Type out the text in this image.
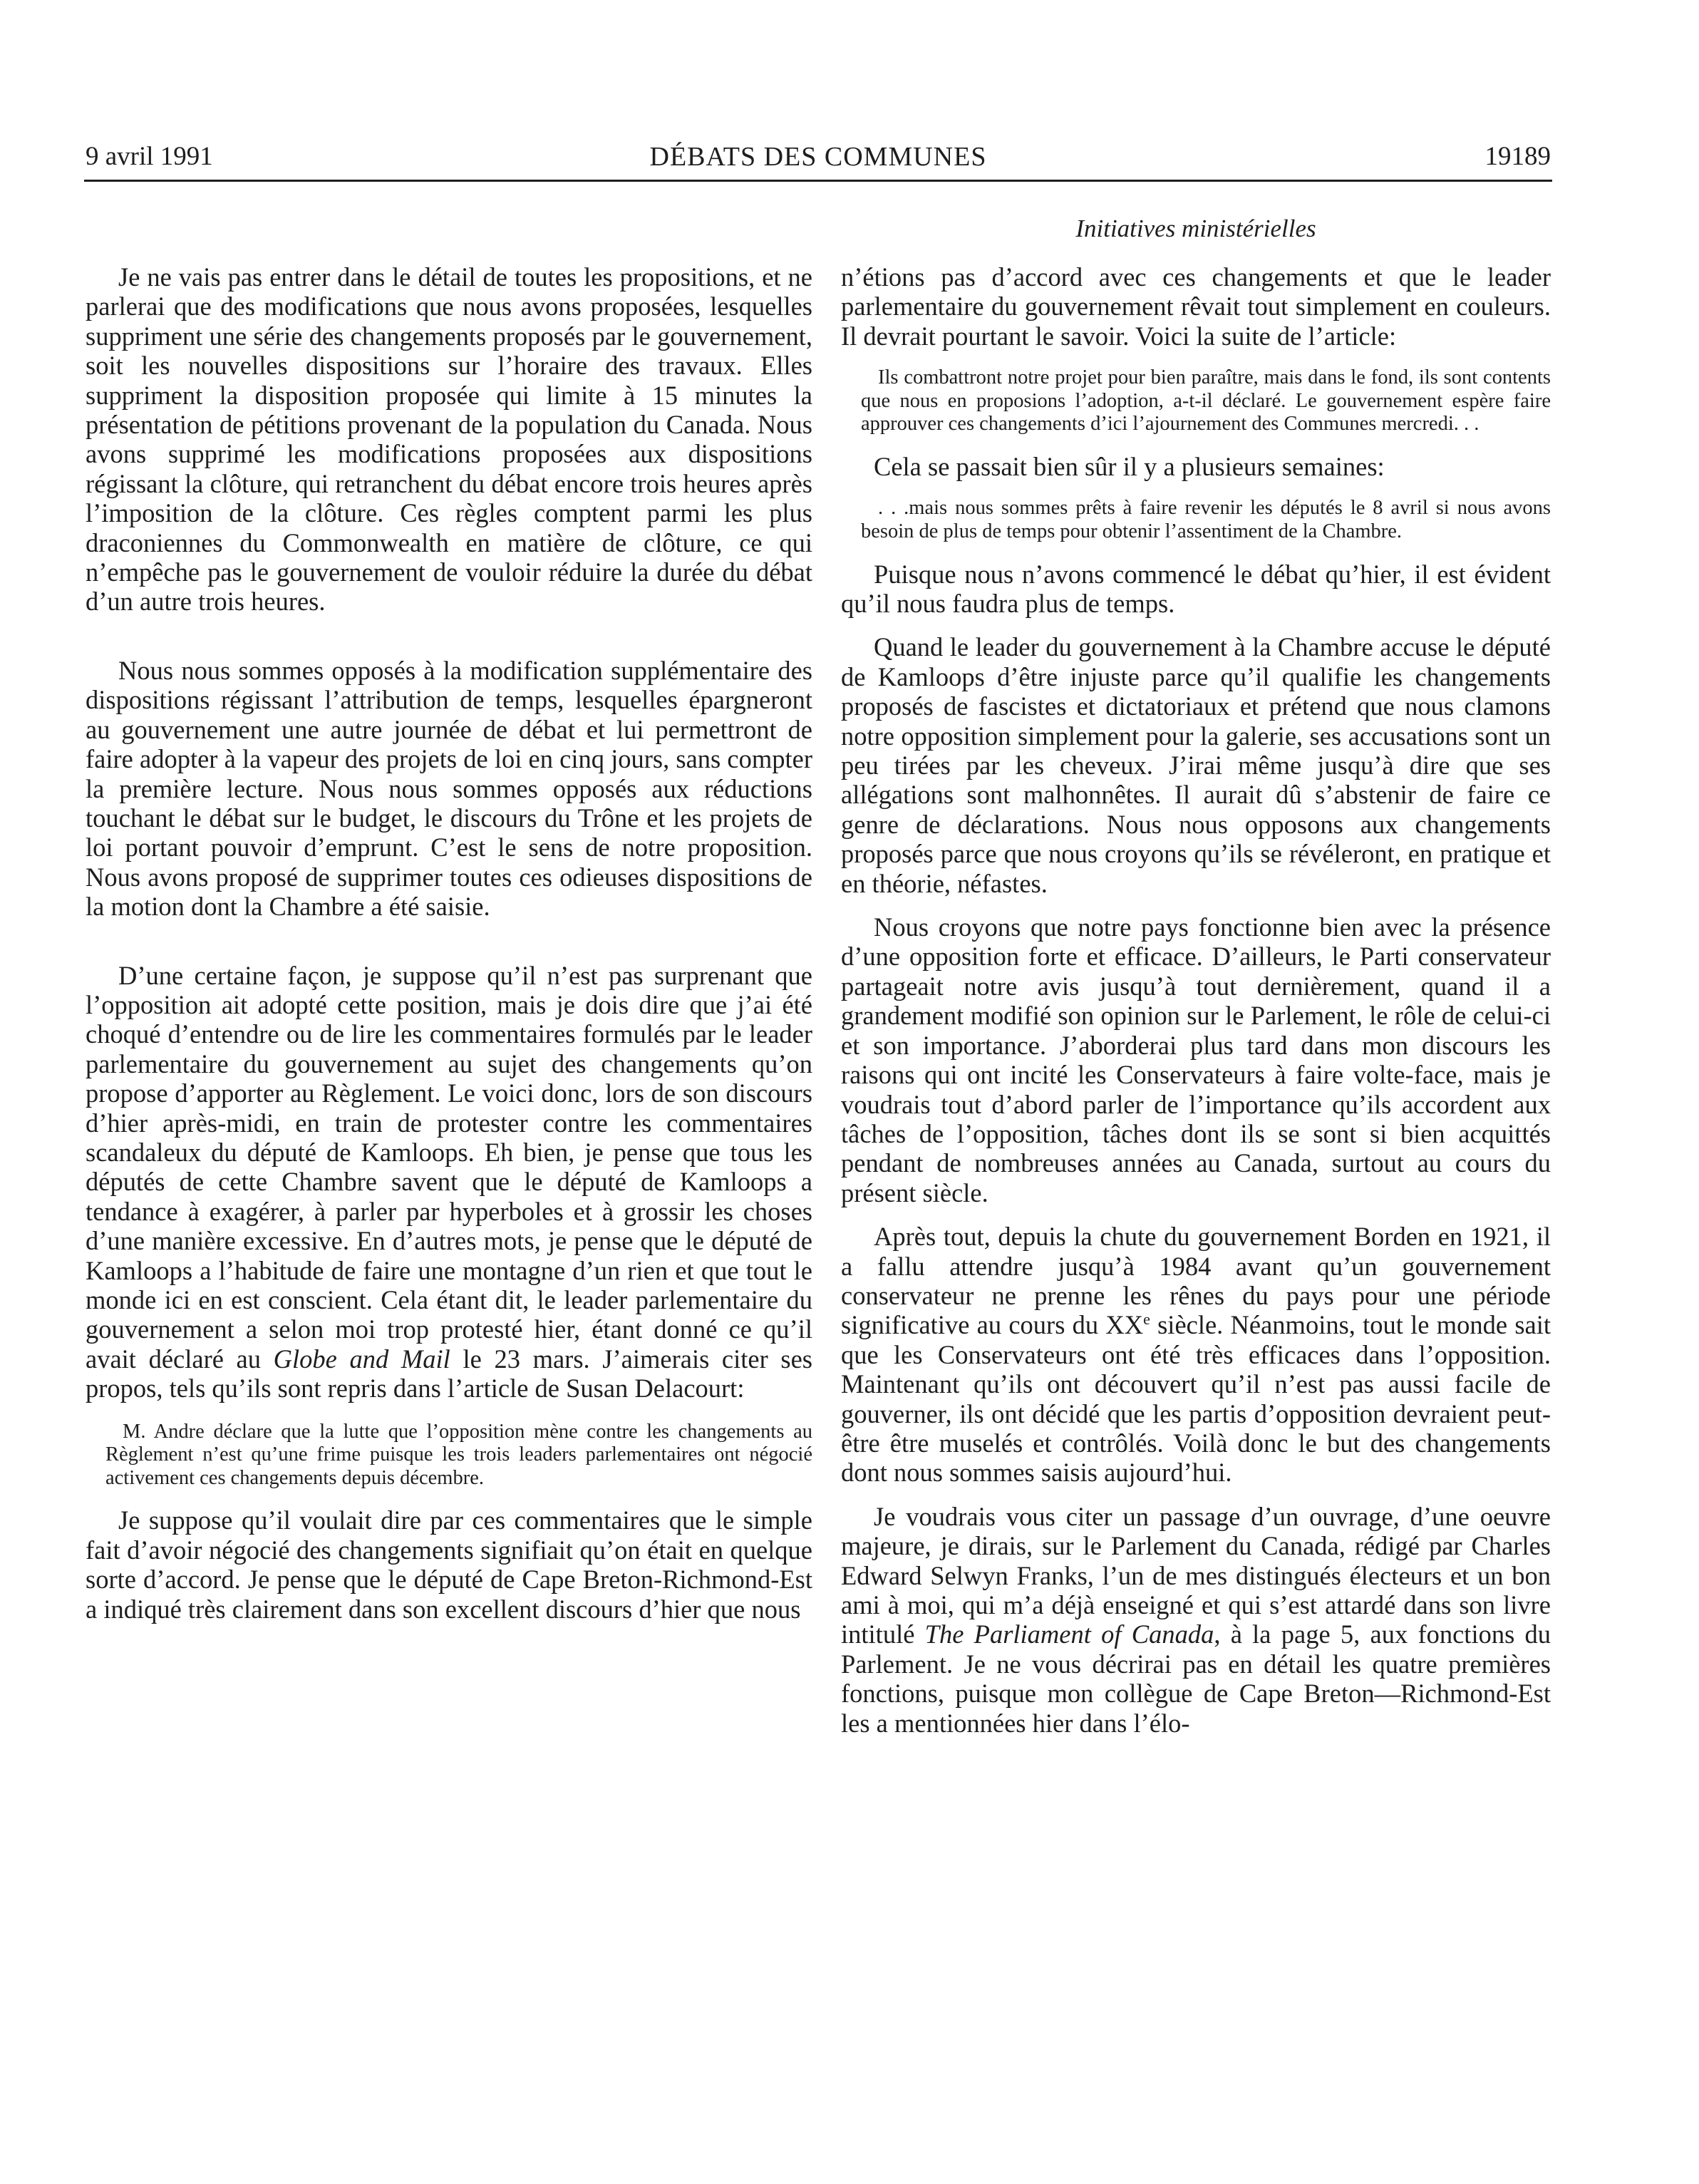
9 avril 1991	DÉBATS DES COMMUNES	19189
Initiatives ministérielles

Je ne vais pas entrer dans le détail de toutes les propositions, et ne parlerai que des modifications que nous avons proposées, lesquelles suppriment une série des changements proposés par le gouvernement, soit les nouvelles dispositions sur l’horaire des travaux. Elles suppriment la disposition proposée qui limite à 15 minutes la présentation de pétitions provenant de la population du Canada. Nous avons supprimé les modifications proposées aux dispositions régissant la clôture, qui retranchent du débat encore trois heures après l’imposition de la clôture. Ces règles comptent parmi les plus draconiennes du Commonwealth en matière de clôture, ce qui n’empêche pas le gouvernement de vouloir réduire la durée du débat d’un autre trois heures.

Nous nous sommes opposés à la modification supplémentaire des dispositions régissant l’attribution de temps, lesquelles épargneront au gouvernement une autre journée de débat et lui permettront de faire adopter à la vapeur des projets de loi en cinq jours, sans compter la première lecture. Nous nous sommes opposés aux réductions touchant le débat sur le budget, le discours du Trône et les projets de loi portant pouvoir d’emprunt. C’est le sens de notre proposition. Nous avons proposé de supprimer toutes ces odieuses dispositions de la motion dont la Chambre a été saisie.

D’une certaine façon, je suppose qu’il n’est pas surprenant que l’opposition ait adopté cette position, mais je dois dire que j’ai été choqué d’entendre ou de lire les commentaires formulés par le leader parlementaire du gouvernement au sujet des changements qu’on propose d’apporter au Règlement. Le voici donc, lors de son discours d’hier après-midi, en train de protester contre les commentaires scandaleux du député de Kamloops. Eh bien, je pense que tous les députés de cette Chambre savent que le député de Kamloops a tendance à exagérer, à parler par hyperboles et à grossir les choses d’une manière excessive. En d’autres mots, je pense que le député de Kamloops a l’habitude de faire une montagne d’un rien et que tout le monde ici en est conscient. Cela étant dit, le leader parlementaire du gouvernement a selon moi trop protesté hier, étant donné ce qu’il avait déclaré au Globe and Mail le 23 mars. J’aimerais citer ses propos, tels qu’ils sont repris dans l’article de Susan Delacourt:

M. Andre déclare que la lutte que l’opposition mène contre les changements au Règlement n’est qu’une frime puisque les trois leaders parlementaires ont négocié activement ces changements depuis décembre.

Je suppose qu’il voulait dire par ces commentaires que le simple fait d’avoir négocié des changements signifiait qu’on était en quelque sorte d’accord. Je pense que le député de Cape Breton-Richmond-Est a indiqué très clairement dans son excellent discours d’hier que nous

n’étions pas d’accord avec ces changements et que le leader parlementaire du gouvernement rêvait tout simplement en couleurs. Il devrait pourtant le savoir. Voici la suite de l’article:

Ils combattront notre projet pour bien paraître, mais dans le fond, ils sont contents que nous en proposions l’adoption, a-t-il déclaré. Le gouvernement espère faire approuver ces changements d’ici l’ajournement des Communes mercredi. . .

Cela se passait bien sûr il y a plusieurs semaines:

. . .mais nous sommes prêts à faire revenir les députés le 8 avril si nous avons besoin de plus de temps pour obtenir l’assentiment de la Chambre.

Puisque nous n’avons commencé le débat qu’hier, il est évident qu’il nous faudra plus de temps.

Quand le leader du gouvernement à la Chambre accuse le député de Kamloops d’être injuste parce qu’il qualifie les changements proposés de fascistes et dictatoriaux et prétend que nous clamons notre opposition simplement pour la galerie, ses accusations sont un peu tirées par les cheveux. J’irai même jusqu’à dire que ses allégations sont malhonnêtes. Il aurait dû s’abstenir de faire ce genre de déclarations. Nous nous opposons aux changements proposés parce que nous croyons qu’ils se révéleront, en pratique et en théorie, néfastes.

Nous croyons que notre pays fonctionne bien avec la présence d’une opposition forte et efficace. D’ailleurs, le Parti conservateur partageait notre avis jusqu’à tout dernièrement, quand il a grandement modifié son opinion sur le Parlement, le rôle de celui-ci et son importance. J’aborderai plus tard dans mon discours les raisons qui ont incité les Conservateurs à faire volte-face, mais je voudrais tout d’abord parler de l’importance qu’ils accordent aux tâches de l’opposition, tâches dont ils se sont si bien acquittés pendant de nombreuses années au Canada, surtout au cours du présent siècle.

Après tout, depuis la chute du gouvernement Borden en 1921, il a fallu attendre jusqu’à 1984 avant qu’un gouvernement conservateur ne prenne les rênes du pays pour une période significative au cours du XXe siècle. Néanmoins, tout le monde sait que les Conservateurs ont été très efficaces dans l’opposition. Maintenant qu’ils ont découvert qu’il n’est pas aussi facile de gouverner, ils ont décidé que les partis d’opposition devraient peut-être être muselés et contrôlés. Voilà donc le but des changements dont nous sommes saisis aujourd’hui.

Je voudrais vous citer un passage d’un ouvrage, d’une oeuvre majeure, je dirais, sur le Parlement du Canada, rédigé par Charles Edward Selwyn Franks, l’un de mes distingués électeurs et un bon ami à moi, qui m’a déjà enseigné et qui s’est attardé dans son livre intitulé The Parliament of Canada, à la page 5, aux fonctions du Parlement. Je ne vous décrirai pas en détail les quatre premières fonctions, puisque mon collègue de Cape Breton—Richmond-Est les a mentionnées hier dans l’élo-
